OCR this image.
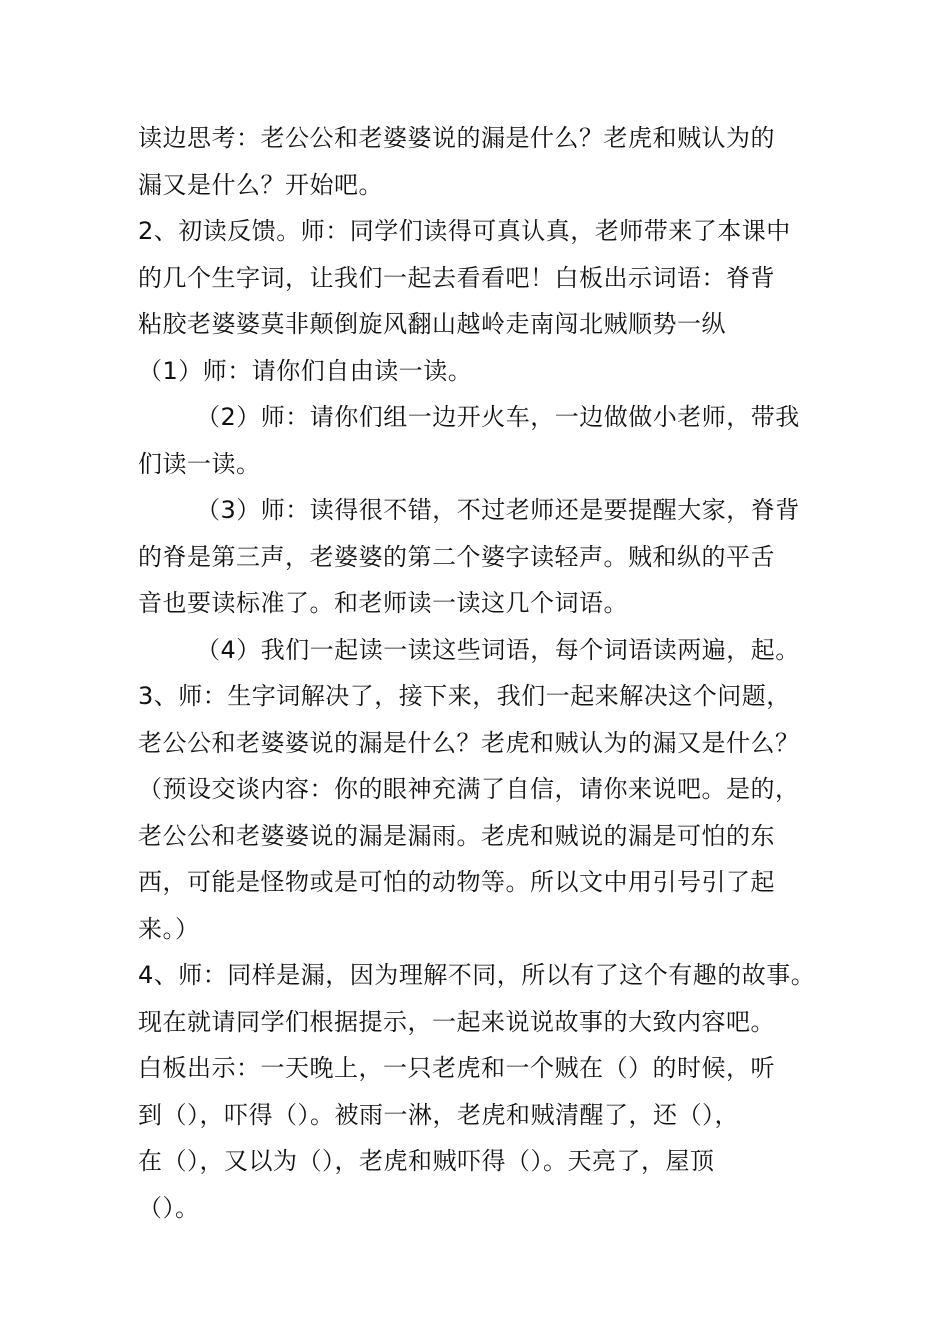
读边思考：老公公和老婆婆说的漏是什么？老虎和贼认为的
漏又是什么？开始吧。
2、初读反馈。师：同学们读得可真认真，老师带来了本课中
的几个生字词，让我们一起去看看吧！白板出示词语：脊背
粘胶老婆婆莫非颠倒旋风翻山越岭走南闯北贼顺势一纵
（1）师：请你们自由读一读。
（2）师：请你们组一边开火车，一边做做小老师，带我
们读一读。
（3）师：读得很不错，不过老师还是要提醒大家，脊背
的脊是第三声，老婆婆的第二个婆字读轻声。贼和纵的平舌
音也要读标准了。和老师读一读这几个词语。
（4）我们一起读一读这些词语，每个词语读两遍，起。
3、师：生字词解决了，接下来，我们一起来解决这个问题，
老公公和老婆婆说的漏是什么？老虎和贼认为的漏又是什么？
（预设交谈内容：你的眼神充满了自信，请你来说吧。是的，
老公公和老婆婆说的漏是漏雨。老虎和贼说的漏是可怕的东
西，可能是怪物或是可怕的动物等。所以文中用引号引了起
来。）
4、师：同样是漏，因为理解不同，所以有了这个有趣的故事。
现在就请同学们根据提示，一起来说说故事的大致内容吧。
白板出示：一天晚上，一只老虎和一个贼在（）的时候，听
到（），吓得（）。被雨一淋，老虎和贼清醒了，还（），
在（），又以为（），老虎和贼吓得（）。天亮了，屋顶
（）。
